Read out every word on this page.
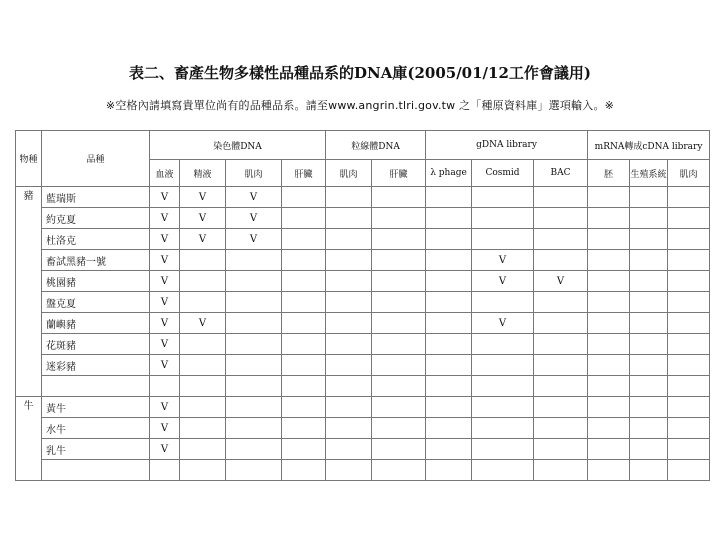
表二、畜產生物多樣性品種品系的DNA庫(2005/01/12工作會議用)
※空格內請填寫貴單位尚有的品種品系。請至www.angrin.tlri.gov.tw 之「種原資料庫」選項輸入。※
物種	品種	染色體DNA				粒線體DNA		gDNA library			mRNA轉成cDNA library		
		血液	精液	肌肉	肝臟	肌肉	肝臟	λ phage	Cosmid	BAC	胚	生殖系統	肌肉
豬	藍瑞斯	V	V	V									
	約克夏	V	V	V									
	杜洛克	V	V	V									
	畜試黑豬一號	V							V				
	桃園豬	V							V	V			
	盤克夏	V											
	蘭嶼豬	V	V						V				
	花斑豬	V											
	迷彩豬	V											

牛	黃牛	V											
	水牛	V											
	乳牛	V											
